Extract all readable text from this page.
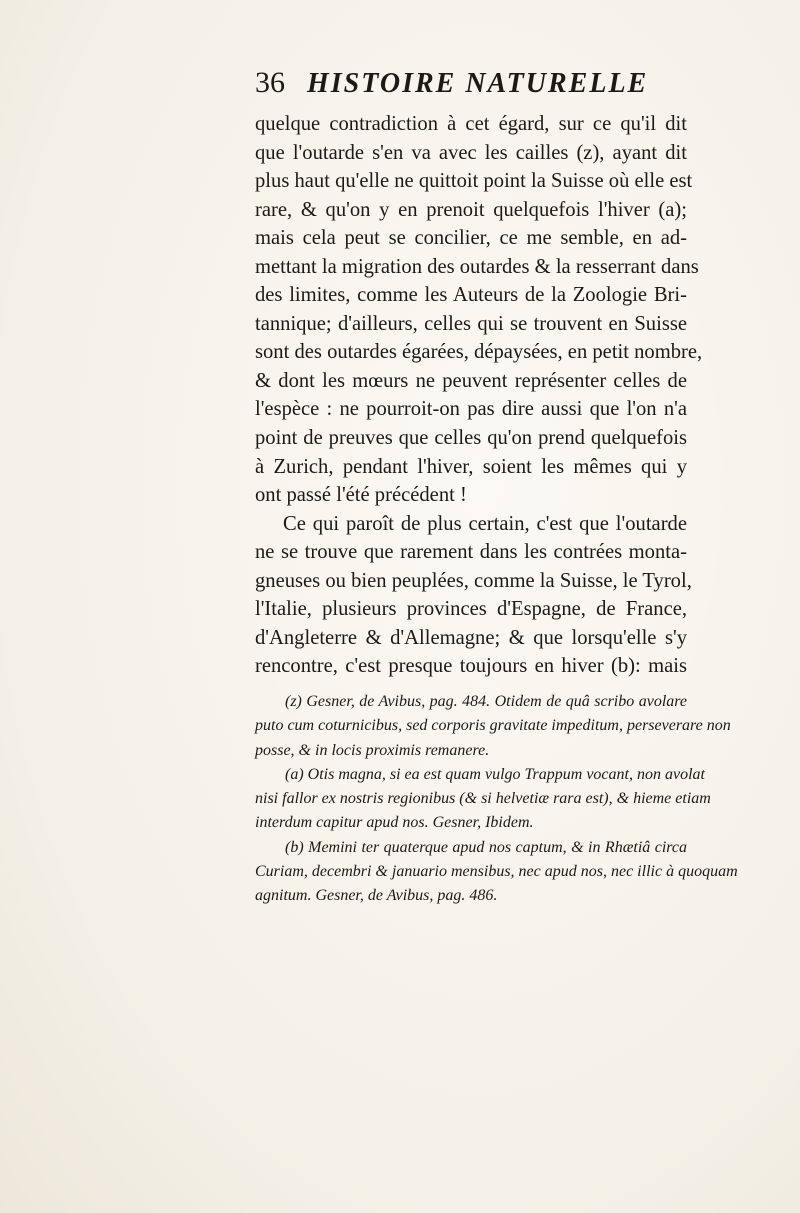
36 HISTOIRE NATURELLE

quelque contradiction à cet égard, sur ce qu'il dit
que l'outarde s'en va avec les cailles (z), ayant dit
plus haut qu'elle ne quittoit point la Suisse où elle est
rare, & qu'on y en prenoit quelquefois l'hiver (a);
mais cela peut se concilier, ce me semble, en ad-
mettant la migration des outardes & la resserrant dans
des limites, comme les Auteurs de la Zoologie Bri-
tannique; d'ailleurs, celles qui se trouvent en Suisse
sont des outardes égarées, dépaysées, en petit nombre,
& dont les mœurs ne peuvent représenter celles de
l'espèce : ne pourroit-on pas dire aussi que l'on n'a
point de preuves que celles qu'on prend quelquefois
à Zurich, pendant l'hiver, soient les mêmes qui y
ont passé l'été précédent !

Ce qui paroît de plus certain, c'est que l'outarde
ne se trouve que rarement dans les contrées monta-
gneuses ou bien peuplées, comme la Suisse, le Tyrol,
l'Italie, plusieurs provinces d'Espagne, de France,
d'Angleterre & d'Allemagne; & que lorsqu'elle s'y
rencontre, c'est presque toujours en hiver (b): mais

(z) Gesner, de Avibus, pag. 484. Otidem de quâ scribo avolare
puto cum coturnicibus, sed corporis gravitate impeditum, perseverare non
posse, & in locis proximis remanere.

(a) Otis magna, si ea est quam vulgo Trappum vocant, non avolat
nisi fallor ex nostris regionibus (& si helvetiæ rara est), & hieme etiam
interdum capitur apud nos. Gesner, Ibidem.

(b) Memini ter quaterque apud nos captum, & in Rhætiâ circa
Curiam, decembri & januario mensibus, nec apud nos, nec illic à quoquam
agnitum. Gesner, de Avibus, pag. 486.
